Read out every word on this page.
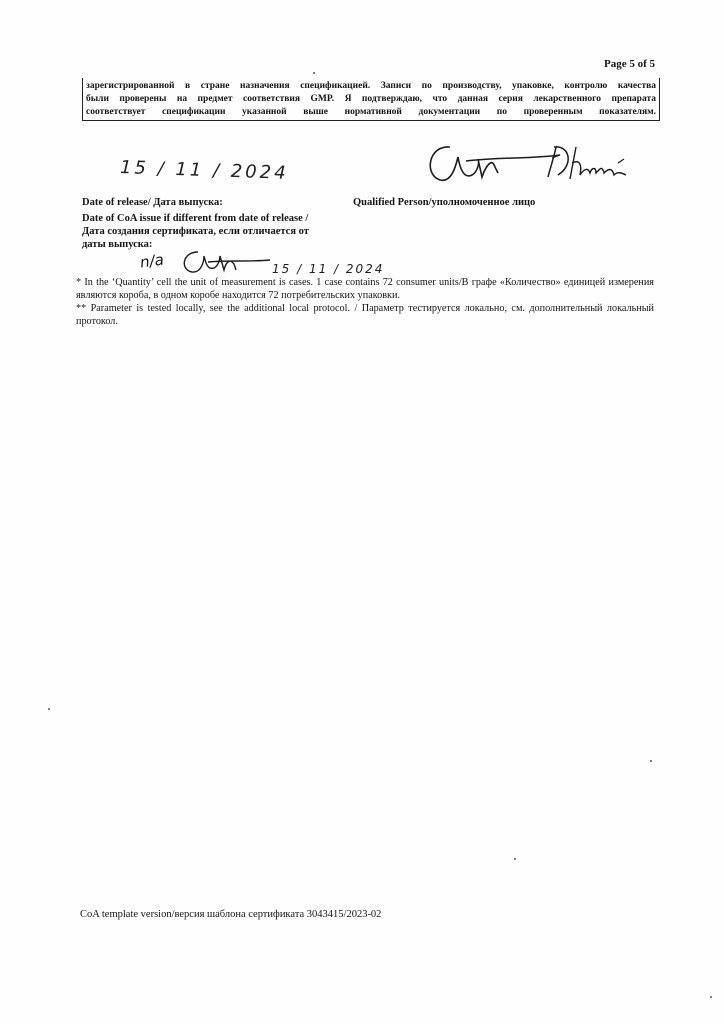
Page 5 of 5
зарегистрированной в стране назначения спецификацией. Записи по производству, упаковке, контролю качества
были проверены на предмет соответствия GMP. Я подтверждаю, что данная серия лекарственного препарата
соответствует спецификации указанной выше нормативной документации по проверенным показателям.
15 / 11 / 2024
Date of release/ Дата выпуска:	Qualified Person/уполномоченное лицо
Date of CoA issue if different from date of release / Дата создания сертификата, если отличается от даты выпуска:
n/a	15 / 11 / 2024

* In the ‘Quantity’ cell the unit of measurement is cases. 1 case contains 72 consumer units/В графе «Количество» единицей измерения являются короба, в одном коробе находится 72 потребительских упаковки.

** Parameter is tested locally, see the additional local protocol. / Параметр тестируется локально, см. дополнительный локальный протокол.

CoA template version/версия шаблона сертификата 3043415/2023-02
